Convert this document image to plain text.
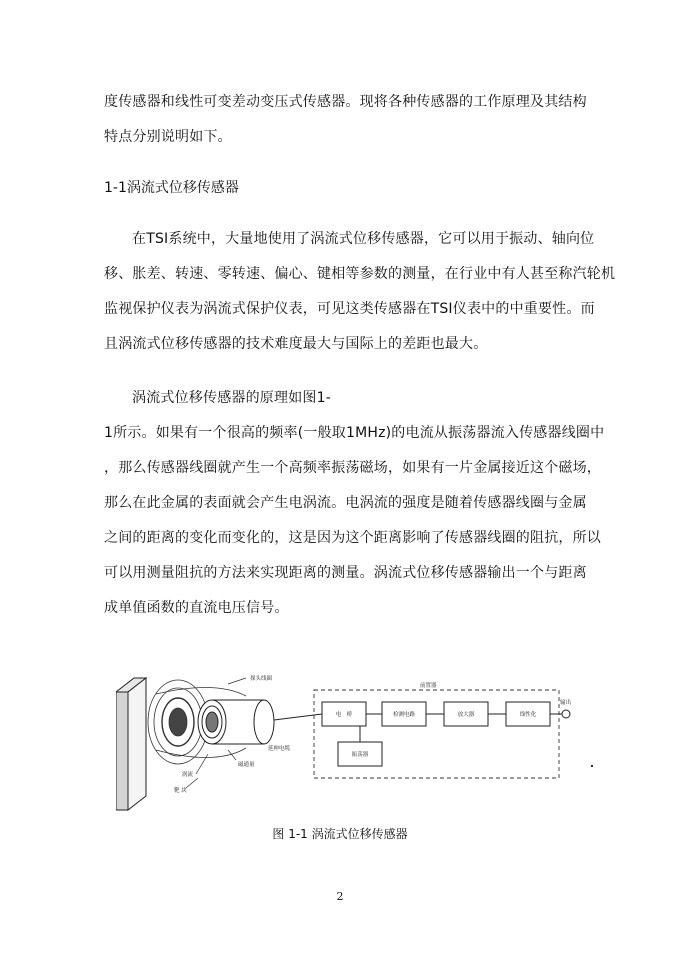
度传感器和线性可变差动变压式传感器。现将各种传感器的工作原理及其结构
特点分别说明如下。
1-1涡流式位移传感器
在TSI系统中，大量地使用了涡流式位移传感器，它可以用于振动、轴向位
移、胀差、转速、零转速、偏心、键相等参数的测量，在行业中有人甚至称汽轮机
监视保护仪表为涡流式保护仪表，可见这类传感器在TSI仪表中的中重要性。而
且涡流式位移传感器的技术难度最大与国际上的差距也最大。
涡流式位移传感器的原理如图1-
1所示。如果有一个很高的频率(一般取1MHz)的电流从振荡器流入传感器线圈中
，那么传感器线圈就产生一个高频率振荡磁场，如果有一片金属接近这个磁场，
那么在此金属的表面就会产生电涡流。电涡流的强度是随着传感器线圈与金属
之间的距离的变化而变化的，这是因为这个距离影响了传感器线圈的阻抗，所以
可以用测量阻抗的方法来实现距离的测量。涡流式位移传感器输出一个与距离
成单值函数的直流电压信号。
探头线圈
前置器
延伸电缆
磁通量
涡流
靶 块
输出
电　桥	检测电路	放大器	线性化
振荡器
图 1-1 涡流式位移传感器
2
